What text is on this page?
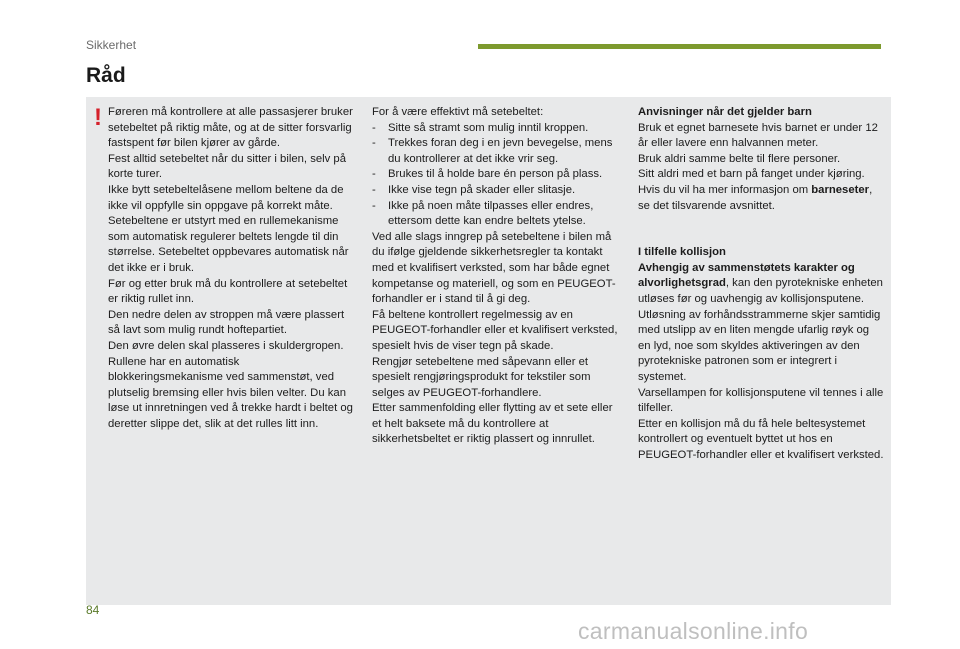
Sikkerhet
Råd
! Føreren må kontrollere at alle passasjerer bruker setebeltet på riktig måte, og at de sitter forsvarlig fastspent før bilen kjører av gårde.
Fest alltid setebeltet når du sitter i bilen, selv på korte turer.
Ikke bytt setebeltelåsene mellom beltene da de ikke vil oppfylle sin oppgave på korrekt måte.
Setebeltene er utstyrt med en rullemekanisme som automatisk regulerer beltets lengde til din størrelse. Setebeltet oppbevares automatisk når det ikke er i bruk.
Før og etter bruk må du kontrollere at setebeltet er riktig rullet inn.
Den nedre delen av stroppen må være plassert så lavt som mulig rundt hoftepartiet.
Den øvre delen skal plasseres i skuldergropen.
Rullene har en automatisk blokkeringsmekanisme ved sammenstøt, ved plutselig bremsing eller hvis bilen velter. Du kan løse ut innretningen ved å trekke hardt i beltet og deretter slippe det, slik at det rulles litt inn.

For å være effektivt må setebeltet:

- Sitte så stramt som mulig inntil kroppen.

- Trekkes foran deg i en jevn bevegelse, mens du kontrollerer at det ikke vrir seg.

- Brukes til å holde bare én person på plass.

- Ikke vise tegn på skader eller slitasje.

- Ikke på noen måte tilpasses eller endres, ettersom dette kan endre beltets ytelse.

Ved alle slags inngrep på setebeltene i bilen må du ifølge gjeldende sikkerhetsregler ta kontakt med et kvalifisert verksted, som har både egnet kompetanse og materiell, og som en PEUGEOT-forhandler er i stand til å gi deg.
Få beltene kontrollert regelmessig av en PEUGEOT-forhandler eller et kvalifisert verksted, spesielt hvis de viser tegn på skade.
Rengjør setebeltene med såpevann eller et spesielt rengjøringsprodukt for tekstiler som selges av PEUGEOT-forhandlere.
Etter sammenfolding eller flytting av et sete eller et helt baksete må du kontrollere at sikkerhetsbeltet er riktig plassert og innrullet.

Anvisninger når det gjelder barn

Bruk et egnet barnesete hvis barnet er under 12 år eller lavere enn halvannen meter.
Bruk aldri samme belte til flere personer.
Sitt aldri med et barn på fanget under kjøring.
Hvis du vil ha mer informasjon om barneseter, se det tilsvarende avsnittet.

I tilfelle kollisjon

Avhengig av sammenstøtets karakter og alvorlighetsgrad, kan den pyrotekniske enheten utløses før og uavhengig av kollisjonsputene. Utløsning av forhåndsstrammerne skjer samtidig med utslipp av en liten mengde ufarlig røyk og en lyd, noe som skyldes aktiveringen av den pyrotekniske patronen som er integrert i systemet.
Varsellampen for kollisjonsputene vil tennes i alle tilfeller.
Etter en kollisjon må du få hele beltesystemet kontrollert og eventuelt byttet ut hos en PEUGEOT-forhandler eller et kvalifisert verksted.

84
carmanualsonline.info
